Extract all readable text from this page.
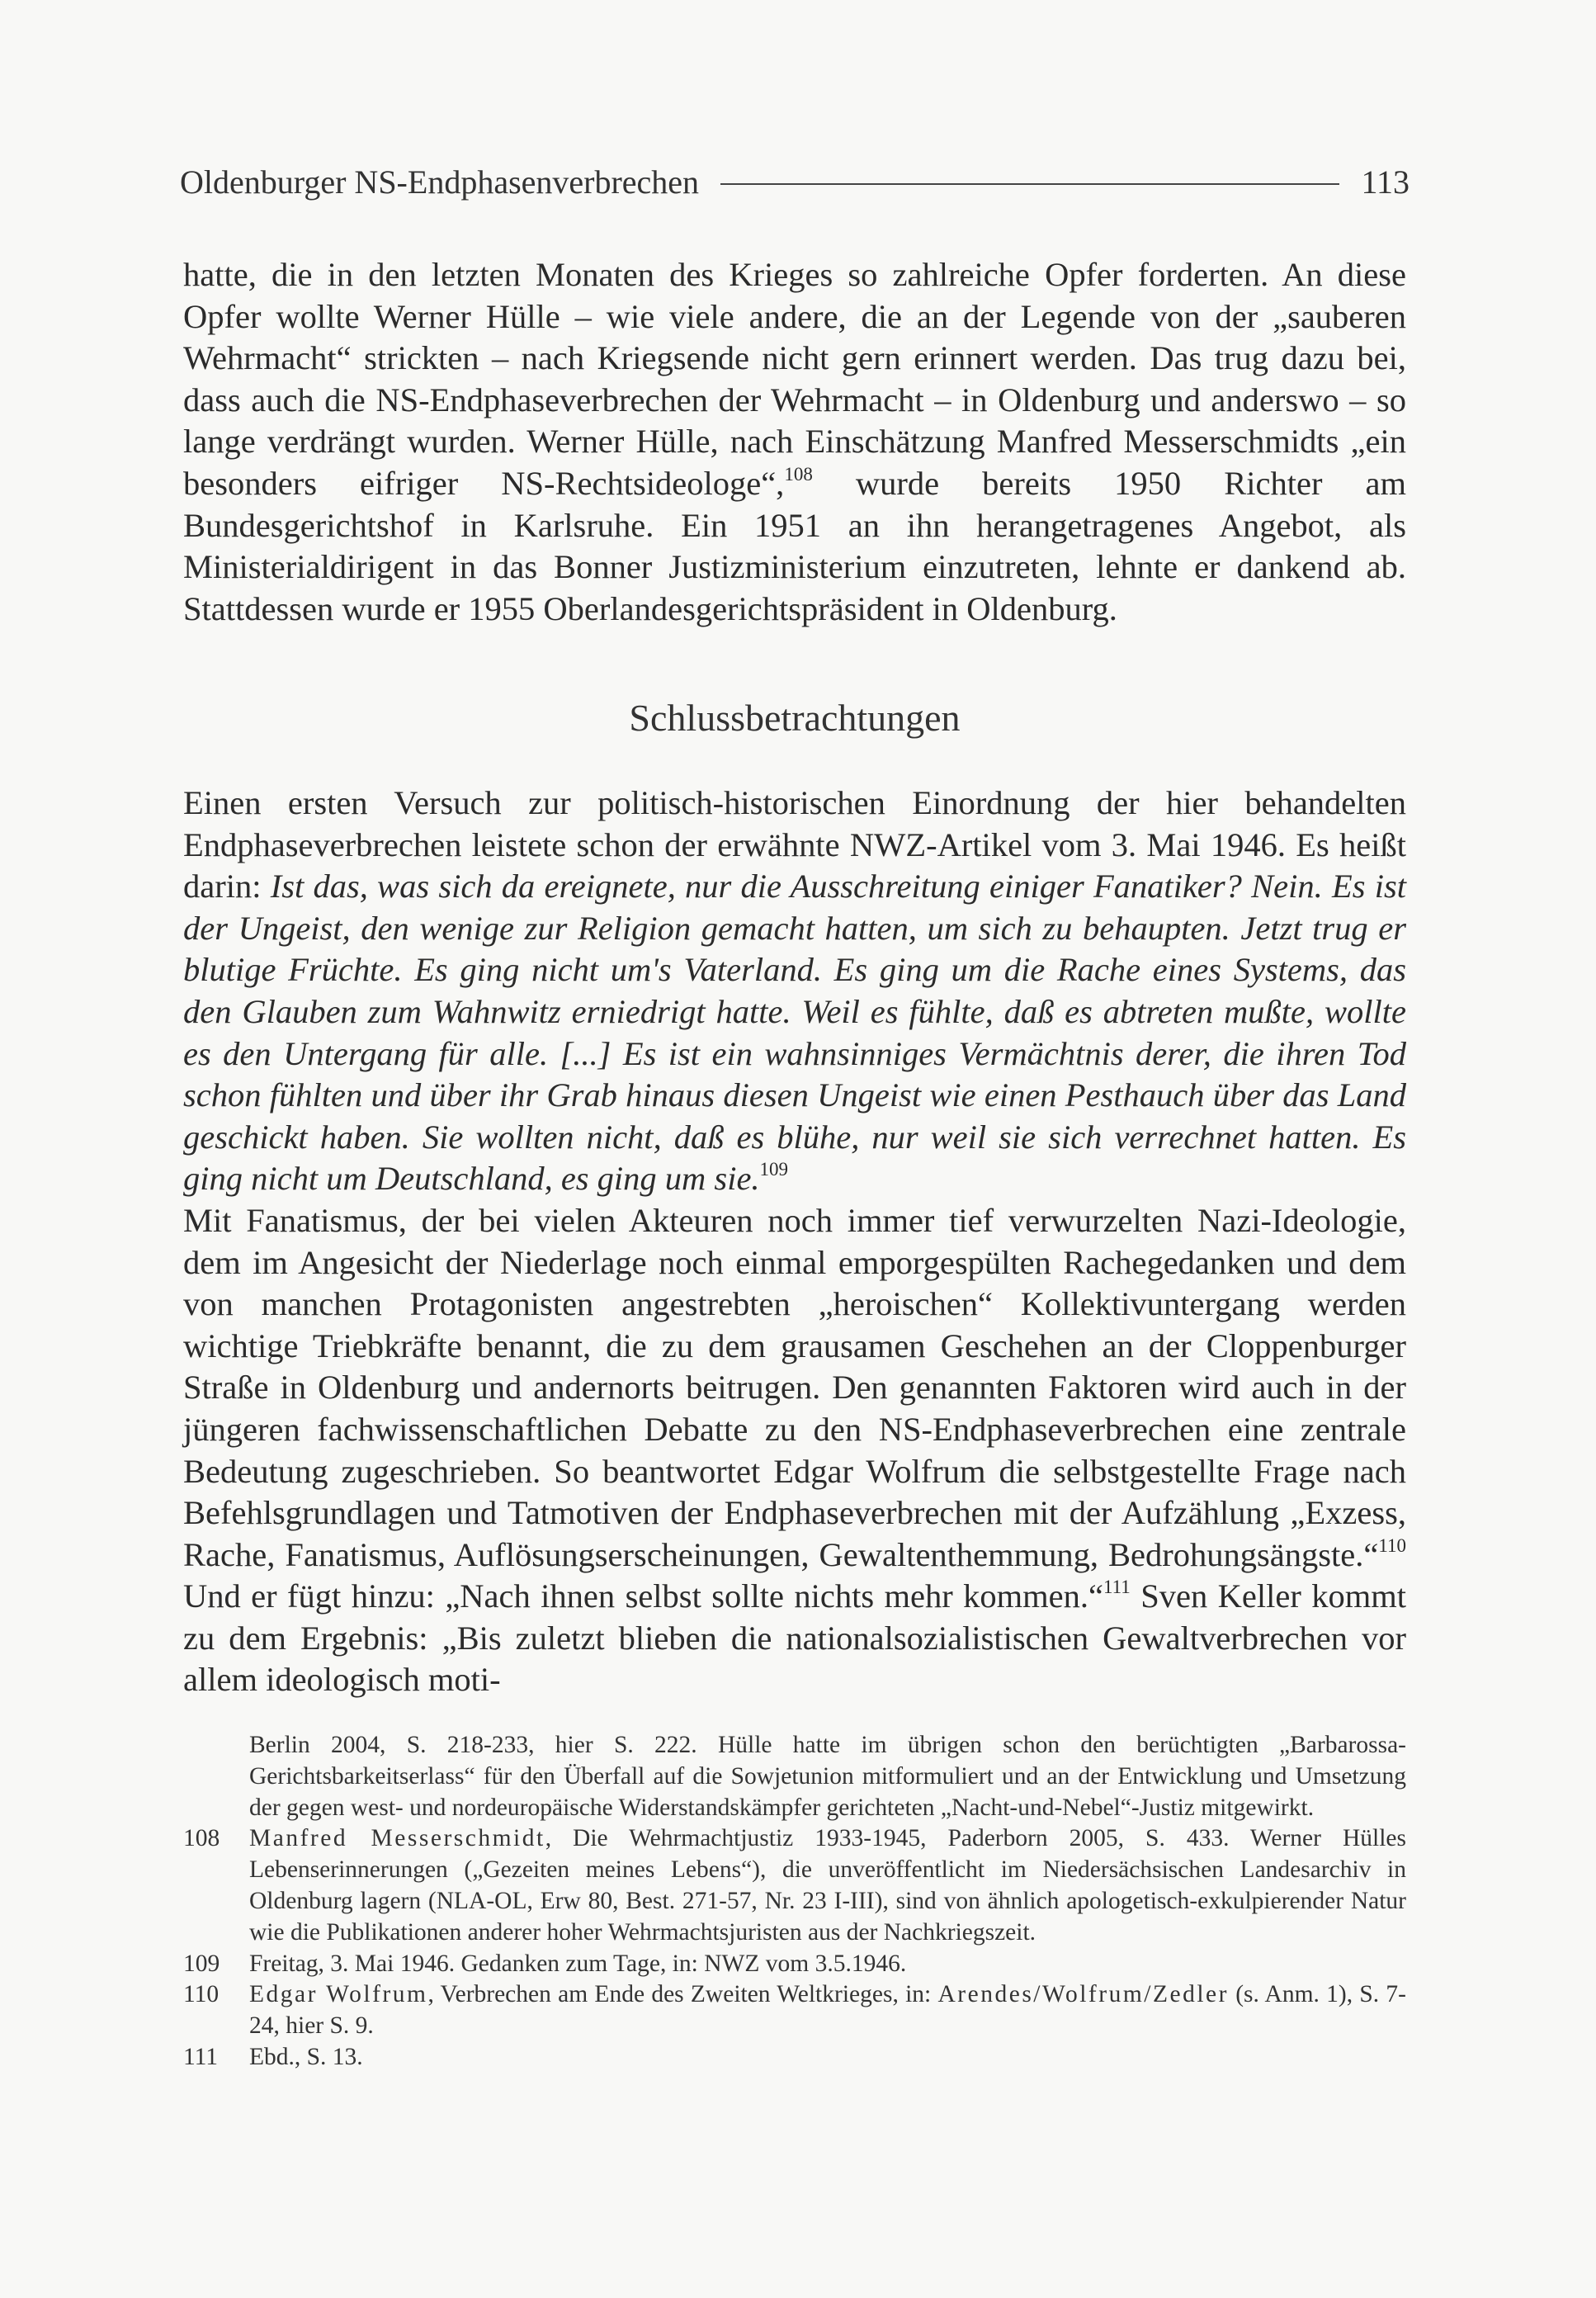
Oldenburger NS-Endphasenverbrechen	113

hatte, die in den letzten Monaten des Krieges so zahlreiche Opfer forderten. An diese Opfer wollte Werner Hülle – wie viele andere, die an der Legende von der „sauberen Wehrmacht“ strickten – nach Kriegsende nicht gern erinnert werden. Das trug dazu bei, dass auch die NS-Endphaseverbrechen der Wehrmacht – in Oldenburg und anderswo – so lange verdrängt wurden. Werner Hülle, nach Einschätzung Manfred Messerschmidts „ein besonders eifriger NS-Rechtsideologe“,$^{108}$ wurde bereits 1950 Richter am Bundesgerichtshof in Karlsruhe. Ein 1951 an ihn herangetragenes Angebot, als Ministerialdirigent in das Bonner Justizministerium einzutreten, lehnte er dankend ab. Stattdessen wurde er 1955 Oberlandesgerichtspräsident in Oldenburg.

Schlussbetrachtungen

Einen ersten Versuch zur politisch-historischen Einordnung der hier behandelten Endphaseverbrechen leistete schon der erwähnte NWZ-Artikel vom 3. Mai 1946. Es heißt darin: Ist das, was sich da ereignete, nur die Ausschreitung einiger Fanatiker? Nein. Es ist der Ungeist, den wenige zur Religion gemacht hatten, um sich zu behaupten. Jetzt trug er blutige Früchte. Es ging nicht um's Vaterland. Es ging um die Rache eines Systems, das den Glauben zum Wahnwitz erniedrigt hatte. Weil es fühlte, daß es abtreten mußte, wollte es den Untergang für alle. [...] Es ist ein wahnsinniges Vermächtnis derer, die ihren Tod schon fühlten und über ihr Grab hinaus diesen Ungeist wie einen Pesthauch über das Land geschickt haben. Sie wollten nicht, daß es blühe, nur weil sie sich verrechnet hatten. Es ging nicht um Deutschland, es ging um sie.$^{109}$

Mit Fanatismus, der bei vielen Akteuren noch immer tief verwurzelten Nazi-Ideologie, dem im Angesicht der Niederlage noch einmal emporgespülten Rachegedanken und dem von manchen Protagonisten angestrebten „heroischen“ Kollektivuntergang werden wichtige Triebkräfte benannt, die zu dem grausamen Geschehen an der Cloppenburger Straße in Oldenburg und andernorts beitrugen. Den genannten Faktoren wird auch in der jüngeren fachwissenschaftlichen Debatte zu den NS-Endphaseverbrechen eine zentrale Bedeutung zugeschrieben. So beantwortet Edgar Wolfrum die selbstgestellte Frage nach Befehlsgrundlagen und Tatmotiven der Endphaseverbrechen mit der Aufzählung „Exzess, Rache, Fanatismus, Auflösungserscheinungen, Gewaltenthemmung, Bedrohungsängste.“$^{110}$ Und er fügt hinzu: „Nach ihnen selbst sollte nichts mehr kommen.“$^{111}$ Sven Keller kommt zu dem Ergebnis: „Bis zuletzt blieben die nationalsozialistischen Gewaltverbrechen vor allem ideologisch moti-

Berlin 2004, S. 218-233, hier S. 222. Hülle hatte im übrigen schon den berüchtigten „Barbarossa-Gerichtsbarkeitserlass“ für den Überfall auf die Sowjetunion mitformuliert und an der Entwicklung und Umsetzung der gegen west- und nordeuropäische Widerstandskämpfer gerichteten „Nacht-und-Nebel“-Justiz mitgewirkt.

108	Manfred Messerschmidt, Die Wehrmachtjustiz 1933-1945, Paderborn 2005, S. 433. Werner Hülles Lebenserinnerungen („Gezeiten meines Lebens“), die unveröffentlicht im Niedersächsischen Landesarchiv in Oldenburg lagern (NLA-OL, Erw 80, Best. 271-57, Nr. 23 I-III), sind von ähnlich apologetisch-exkulpierender Natur wie die Publikationen anderer hoher Wehrmachtsjuristen aus der Nachkriegszeit.
109	Freitag, 3. Mai 1946. Gedanken zum Tage, in: NWZ vom 3.5.1946.
110	Edgar Wolfrum, Verbrechen am Ende des Zweiten Weltkrieges, in: Arendes/Wolfrum/Zedler (s. Anm. 1), S. 7-24, hier S. 9.
111	Ebd., S. 13.
